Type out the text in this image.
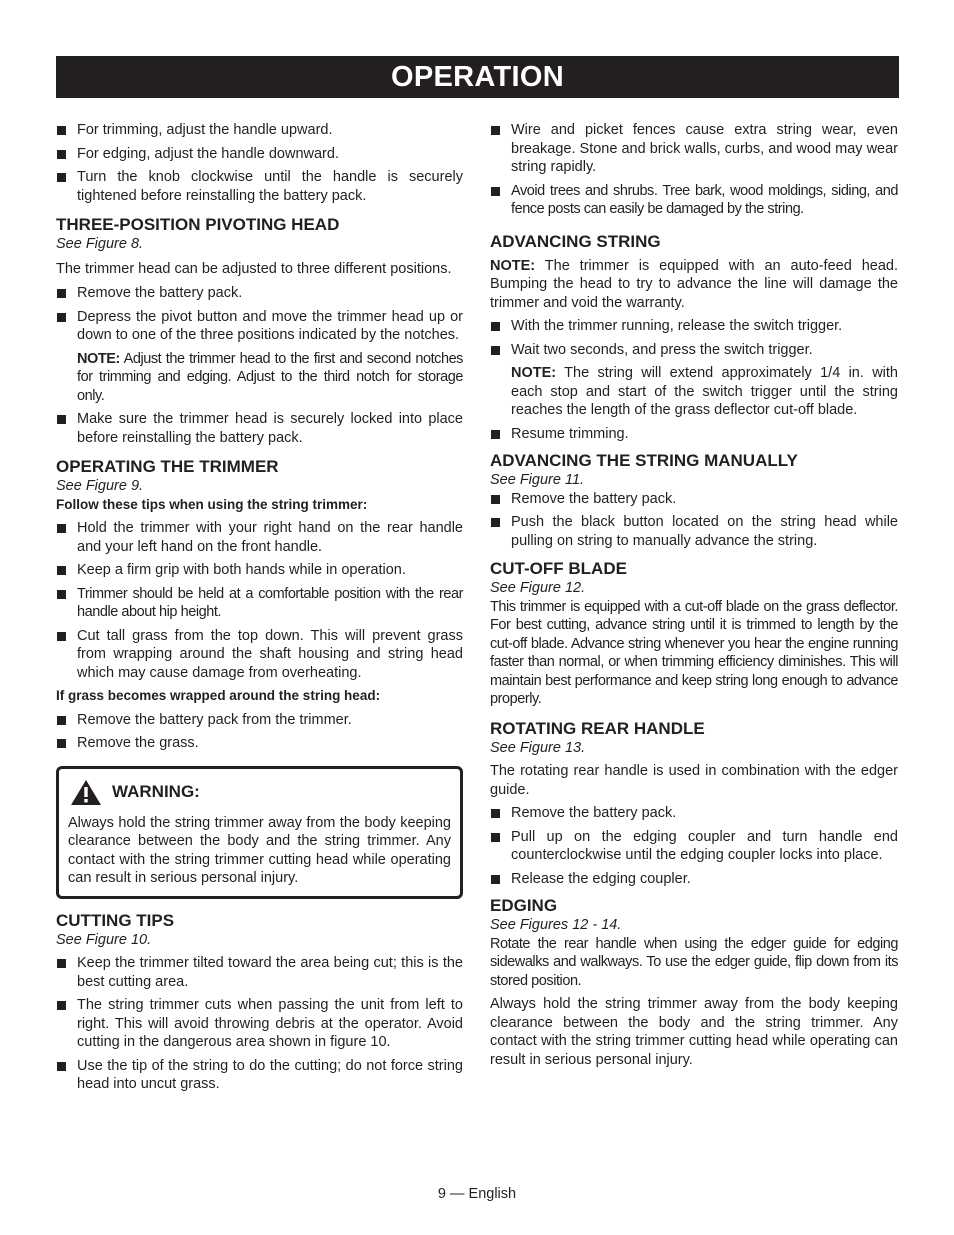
OPERATION
For trimming, adjust the handle upward.
For edging, adjust the handle downward.
Turn the knob clockwise until the handle is securely tightened before reinstalling the battery pack.
THREE-POSITION PIVOTING HEAD

See Figure 8.

The trimmer head can be adjusted to three different positions.

Remove the battery pack.
Depress the pivot button and move the trimmer head up or down to one of the three positions indicated by the notches.

NOTE: Adjust the trimmer head to the first and second notches for trimming and edging. Adjust to the third notch for storage only.

Make sure the trimmer head is securely locked into place before reinstalling the battery pack.
OPERATING THE TRIMMER

See Figure 9.

Follow these tips when using the string trimmer:

Hold the trimmer with your right hand on the rear handle and your left hand on the front handle.
Keep a firm grip with both hands while in operation.
Trimmer should be held at a comfortable position with the rear handle about hip height.
Cut tall grass from the top down. This will prevent grass from wrapping around the shaft housing and string head which may cause damage from overheating.

If grass becomes wrapped around the string head:

Remove the battery pack from the trimmer.
Remove the grass.
WARNING:

Always hold the string trimmer away from the body keeping clearance between the body and the string trimmer. Any contact with the string trimmer cutting head while operating can result in serious personal injury.

CUTTING TIPS

See Figure 10.

Keep the trimmer tilted toward the area being cut; this is the best cutting area.
The string trimmer cuts when passing the unit from left to right. This will avoid throwing debris at the operator. Avoid cutting in the dangerous area shown in figure 10.
Use the tip of the string to do the cutting; do not force string head into uncut grass.
Wire and picket fences cause extra string wear, even breakage. Stone and brick walls, curbs, and wood may wear string rapidly.
Avoid trees and shrubs. Tree bark, wood moldings, siding, and fence posts can easily be damaged by the string.
ADVANCING STRING

NOTE: The trimmer is equipped with an auto-feed head. Bumping the head to try to advance the line will damage the trimmer and void the warranty.

With the trimmer running, release the switch trigger.
Wait two seconds, and press the switch trigger.

NOTE: The string will extend approximately 1/4 in. with each stop and start of the switch trigger until the string reaches the length of the grass deflector cut-off blade.

Resume trimming.
ADVANCING THE STRING MANUALLY

See Figure 11.

Remove the battery pack.
Push the black button located on the string head while pulling on string to manually advance the string.
CUT-OFF BLADE

See Figure 12.

This trimmer is equipped with a cut-off blade on the grass deflector. For best cutting, advance string until it is trimmed to length by the cut-off blade. Advance string whenever you hear the engine running faster than normal, or when trimming efficiency diminishes. This will maintain best performance and keep string long enough to advance properly.

ROTATING REAR HANDLE

See Figure 13.

The rotating rear handle is used in combination with the edger guide.

Remove the battery pack.
Pull up on the edging coupler and turn handle end counterclockwise until the edging coupler locks into place.
Release the edging coupler.
EDGING

See Figures 12 - 14.

Rotate the rear handle when using the edger guide for edging sidewalks and walkways. To use the edger guide, flip down from its stored position.

Always hold the string trimmer away from the body keeping clearance between the body and the string trimmer. Any contact with the string trimmer cutting head while operating can result in serious personal injury.

9 — English
